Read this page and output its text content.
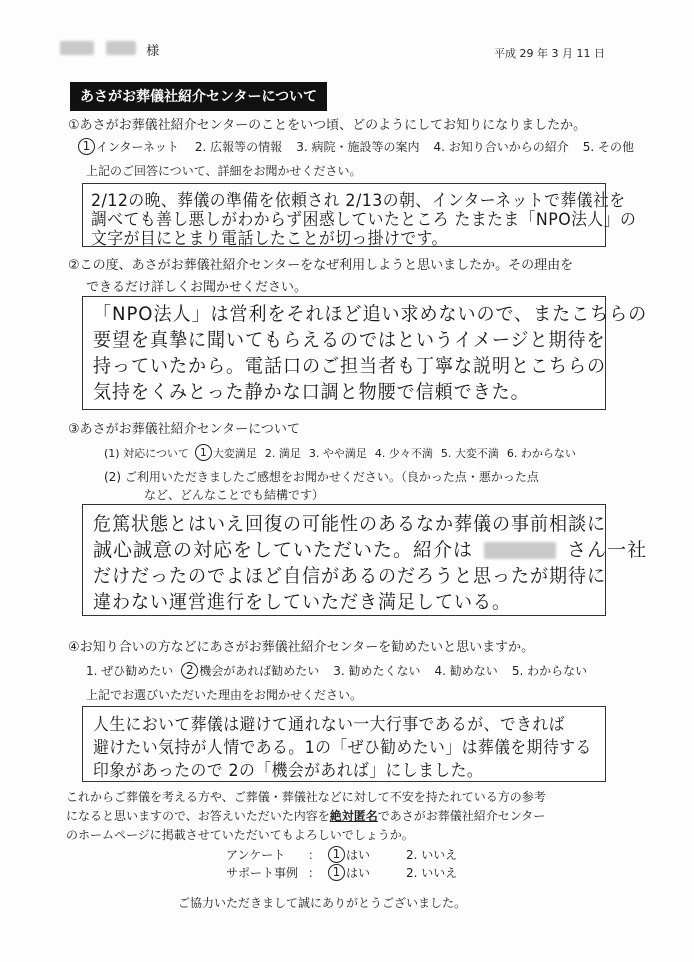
様	平成 29 年 3 月 11 日
あさがお葬儀社紹介センターについて
①あさがお葬儀社紹介センターのことをいつ頃、どのようにしてお知りになりましたか。
1 インターネット 2. 広報等の情報 3. 病院・施設等の案内 4. お知り合いからの紹介 5. その他
上記のご回答について、詳細をお聞かせください。
2/12の晩、葬儀の準備を依頼され 2/13の朝、インターネットで葬儀社を
調べても善し悪しがわからず困惑していたところ たまたま「NPO法人」の
文字が目にとまり電話したことが切っ掛けです。
②この度、あさがお葬儀社紹介センターをなぜ利用しようと思いましたか。その理由を
できるだけ詳しくお聞かせください。
「NPO法人」は営利をそれほど追い求めないので、またこちらの
要望を真摯に聞いてもらえるのではというイメージと期待を
持っていたから。電話口のご担当者も丁寧な説明とこちらの
気持をくみとった静かな口調と物腰で信頼できた。
③あさがお葬儀社紹介センターについて
(1) 対応について	1 大変満足 2. 満足 3. やや満足 4. 少々不満 5. 大変不満 6. わからない
(2) ご利用いただきましたご感想をお聞かせください。（良かった点・悪かった点
など、どんなことでも結構です）
危篤状態とはいえ回復の可能性のあるなか葬儀の事前相談に
誠心誠意の対応をしていただいた。紹介は	さん一社
だけだったのでよほど自信があるのだろうと思ったが期待に
違わない運営進行をしていただき満足している。
④お知り合いの方などにあさがお葬儀社紹介センターを勧めたいと思いますか。
1. ぜひ勧めたい	2 機会があれば勧めたい 3. 勧めたくない 4. 勧めない 5. わからない
上記でお選びいただいた理由をお聞かせください。
人生において葬儀は避けて通れない一大行事であるが、できれば
避けたい気持が人情である。1の「ぜひ勧めたい」は葬儀を期待する
印象があったので 2の「機会があれば」にしました。
これからご葬儀を考える方や、ご葬儀・葬儀社などに対して不安を持たれている方の参考
になると思いますので、お答えいただいた内容を絶対匿名であさがお葬儀社紹介センター
のホームページに掲載させていただいてもよろしいでしょうか。
アンケート	：	1 はい	2. いいえ
サポート事例 ：	1 はい	2. いいえ
ご協力いただきまして誠にありがとうございました。
